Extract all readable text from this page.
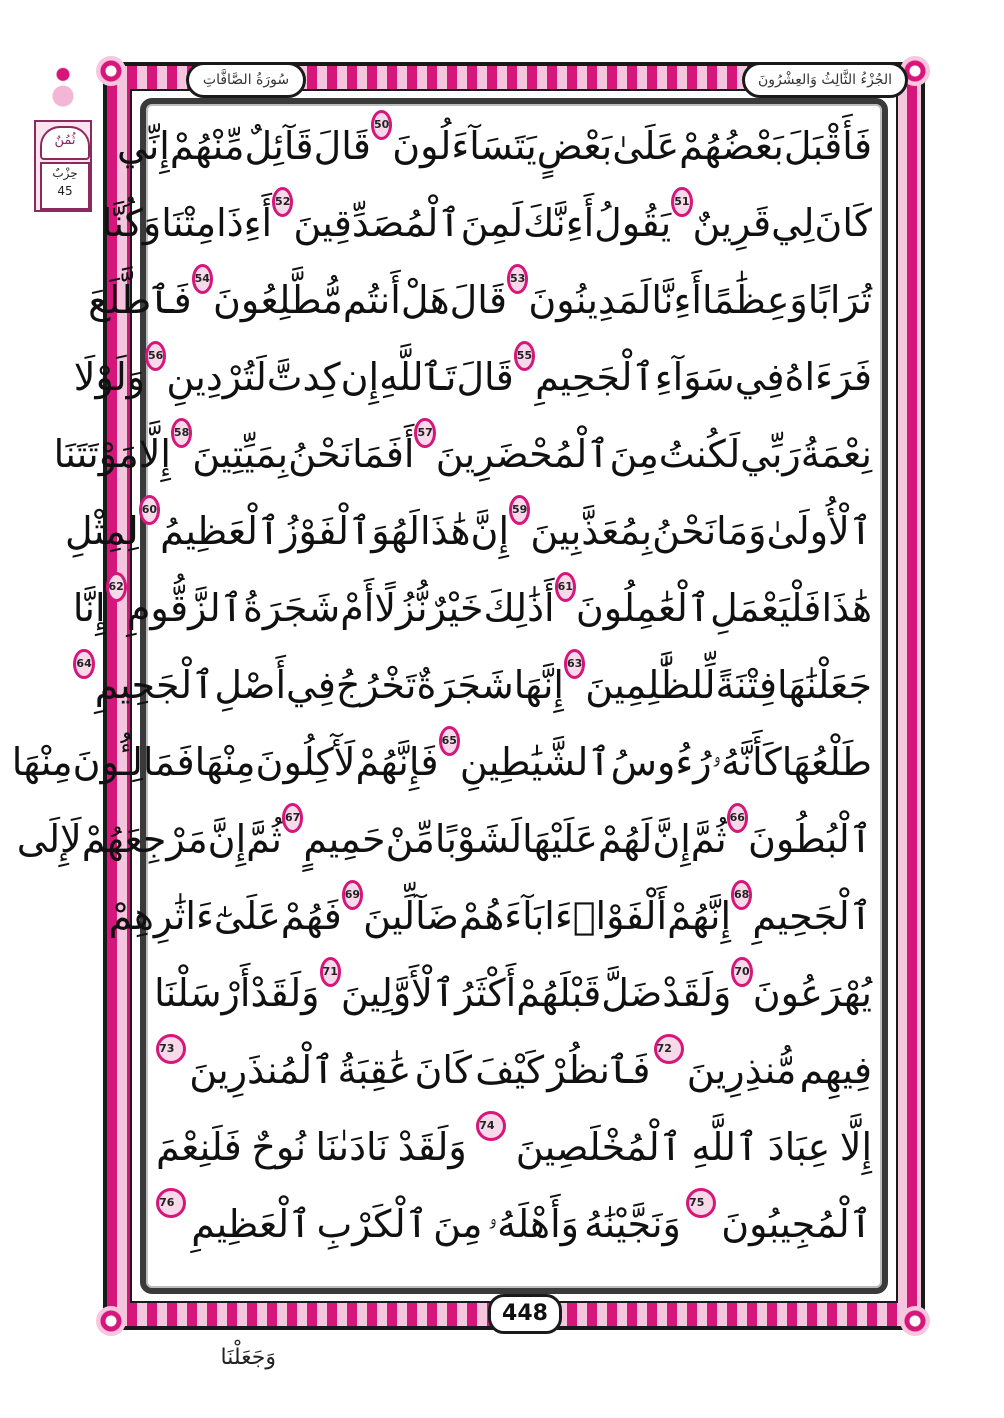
الجُزْءُ الثَّالِثُ وَالعِشْرُونَ
سُورَةُ الصَّافَّاتِ
ثُمُنٌ
حِزْبٌ
45
فَأَقْبَلَ
بَعْضُهُمْ
عَلَىٰ
بَعْضٍ
يَتَسَآءَلُونَ
50
قَالَ
قَآئِلٌ
مِّنْهُمْ
إِنِّي
كَانَ
لِي
قَرِينٌ
51
يَقُولُ
أَءِنَّكَ
لَمِنَ
ٱلْمُصَدِّقِينَ
52
أَءِذَا
مِتْنَا
وَكُنَّا
تُرَابًا
وَعِظَٰمًا
أَءِنَّا
لَمَدِينُونَ
53
قَالَ
هَلْ
أَنتُم
مُّطَّلِعُونَ
54
فَٱطَّلَعَ
فَرَءَاهُ
فِي
سَوَآءِ
ٱلْجَحِيمِ
55
قَالَ
تَٱللَّهِ
إِن
كِدتَّ
لَتُرْدِينِ
56
وَلَوْلَا
نِعْمَةُ
رَبِّي
لَكُنتُ
مِنَ
ٱلْمُحْضَرِينَ
57
أَفَمَا
نَحْنُ
بِمَيِّتِينَ
58
إِلَّا
مَوْتَتَنَا
ٱلْأُولَىٰ
وَمَا
نَحْنُ
بِمُعَذَّبِينَ
59
إِنَّ
هَٰذَا
لَهُوَ
ٱلْفَوْزُ
ٱلْعَظِيمُ
60
لِمِثْلِ
هَٰذَا
فَلْيَعْمَلِ
ٱلْعَٰمِلُونَ
61
أَذَٰلِكَ
خَيْرٌ
نُّزُلًا
أَمْ
شَجَرَةُ
ٱلزَّقُّومِ
62
إِنَّا
جَعَلْنَٰهَا
فِتْنَةً
لِّلظَّٰلِمِينَ
63
إِنَّهَا
شَجَرَةٌ
تَخْرُجُ
فِي
أَصْلِ
ٱلْجَحِيمِ
64
طَلْعُهَا
كَأَنَّهُۥ
رُءُوسُ
ٱلشَّيَٰطِينِ
65
فَإِنَّهُمْ
لَأٓكِلُونَ
مِنْهَا
فَمَالِـُٔونَ
مِنْهَا
ٱلْبُطُونَ
66
ثُمَّ
إِنَّ
لَهُمْ
عَلَيْهَا
لَشَوْبًا
مِّنْ
حَمِيمٍ
67
ثُمَّ
إِنَّ
مَرْجِعَهُمْ
لَإِلَى
ٱلْجَحِيمِ
68
إِنَّهُمْ
أَلْفَوْا۟
ءَابَآءَهُمْ
ضَآلِّينَ
69
فَهُمْ
عَلَىٰٓ
ءَاثَٰرِهِمْ
يُهْرَعُونَ
70
وَلَقَدْ
ضَلَّ
قَبْلَهُمْ
أَكْثَرُ
ٱلْأَوَّلِينَ
71
وَلَقَدْ
أَرْسَلْنَا
فِيهِم
مُّنذِرِينَ
72
فَٱنظُرْ
كَيْفَ
كَانَ
عَٰقِبَةُ
ٱلْمُنذَرِينَ
73
إِلَّا
عِبَادَ
ٱللَّهِ
ٱلْمُخْلَصِينَ
74
وَلَقَدْ
نَادَىٰنَا
نُوحٌ
فَلَنِعْمَ
ٱلْمُجِيبُونَ
75
وَنَجَّيْنَٰهُ
وَأَهْلَهُۥ
مِنَ
ٱلْكَرْبِ
ٱلْعَظِيمِ
76
448
وَجَعَلْنَا
